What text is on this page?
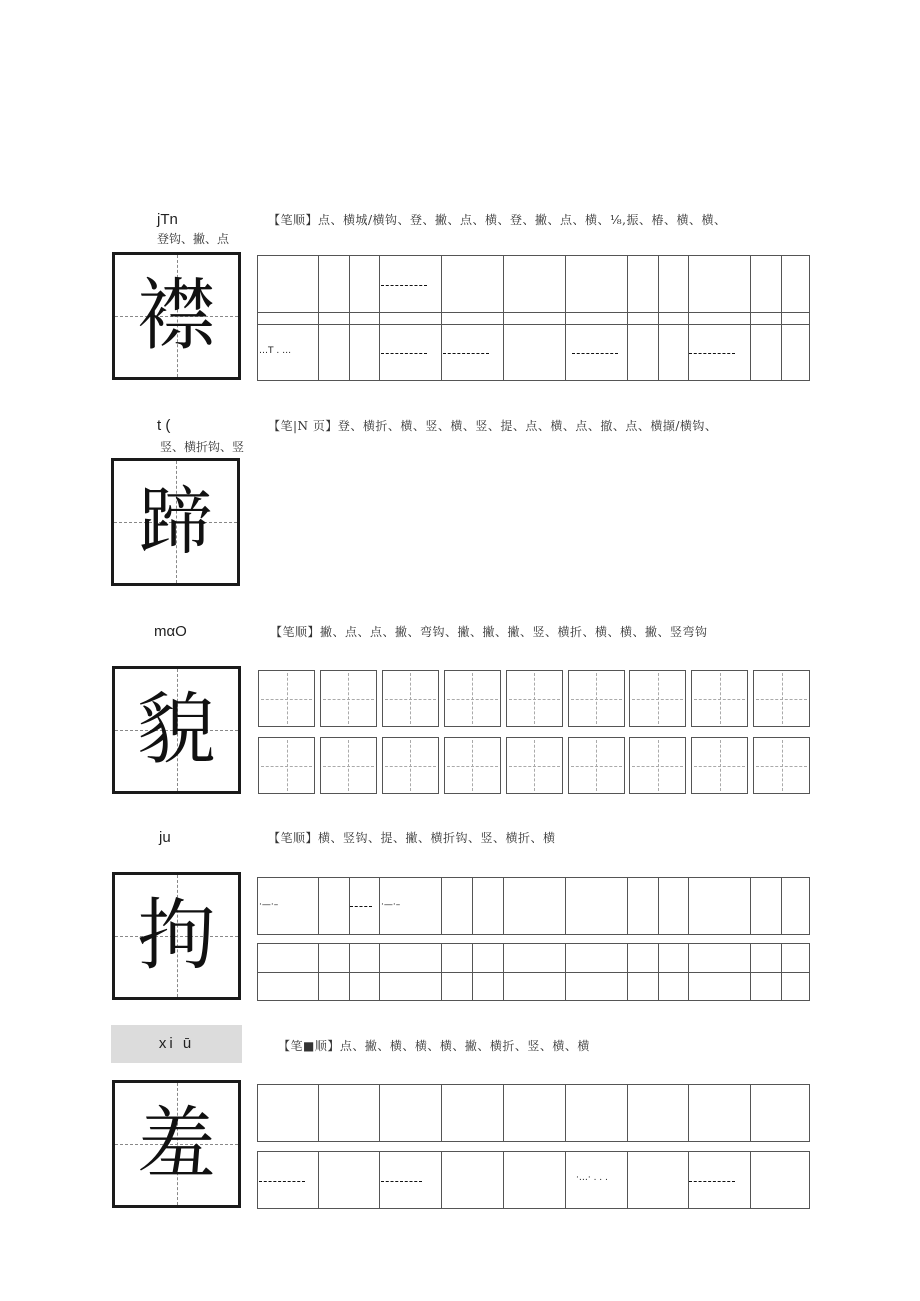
jTn	【笔顺】点、横城/横钩、登、撇、点、横、登、撇、点、横、⅛,振、椿、横、横、
登钩、撇、点
襟	…T . …
t (	【笔|N 页】登、横折、横、竖、横、竖、提、点、横、点、撤、点、横撷/横钩、
竖、横折钩、竖
蹄
mαO	【笔顺】撇、点、点、撇、弯钩、撇、撇、撇、竖、横折、横、横、撇、竖弯钩
貌
ju	【笔顺】横、竖钩、提、撇、横折钩、竖、横折、横
拘	·—·–	·—·–
xi ū	【笔■顺】点、撇、横、横、横、撇、横折、竖、横、横
羞	·…· . . .
